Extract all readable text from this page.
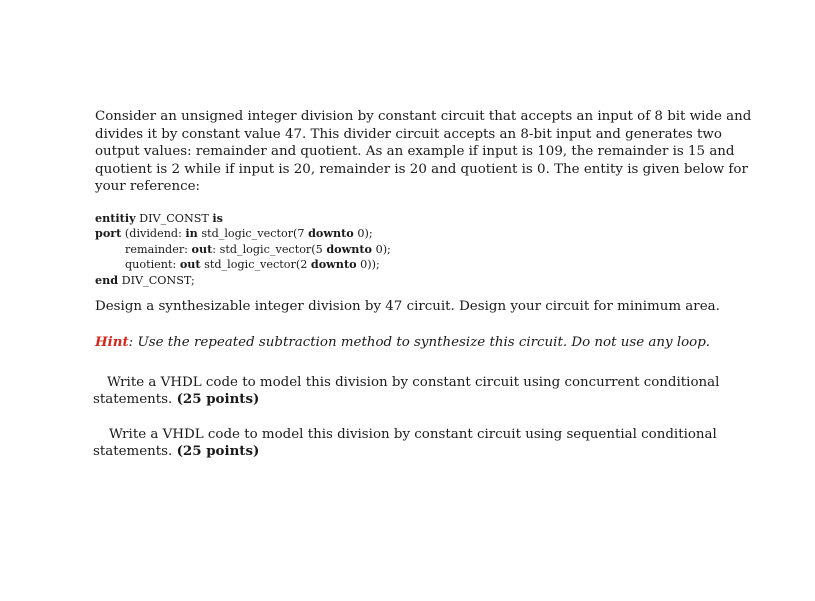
Consider an unsigned integer division by constant circuit that accepts an input of 8 bit wide and
divides it by constant value 47. This divider circuit accepts an 8-bit input and generates two
output values: remainder and quotient. As an example if input is 109, the remainder is 15 and
quotient is 2 while if input is 20, remainder is 20 and quotient is 0. The entity is given below for
your reference:

entitiy DIV_CONST is
port (dividend: in std_logic_vector(7 downto 0);
remainder: out: std_logic_vector(5 downto 0);
quotient: out std_logic_vector(2 downto 0));
end DIV_CONST;

Design a synthesizable integer division by 47 circuit. Design your circuit for minimum area.

Hint: Use the repeated subtraction method to synthesize this circuit. Do not use any loop.

Write a VHDL code to model this division by constant circuit using concurrent conditional
statements. (25 points)

Write a VHDL code to model this division by constant circuit using sequential conditional
statements. (25 points)
